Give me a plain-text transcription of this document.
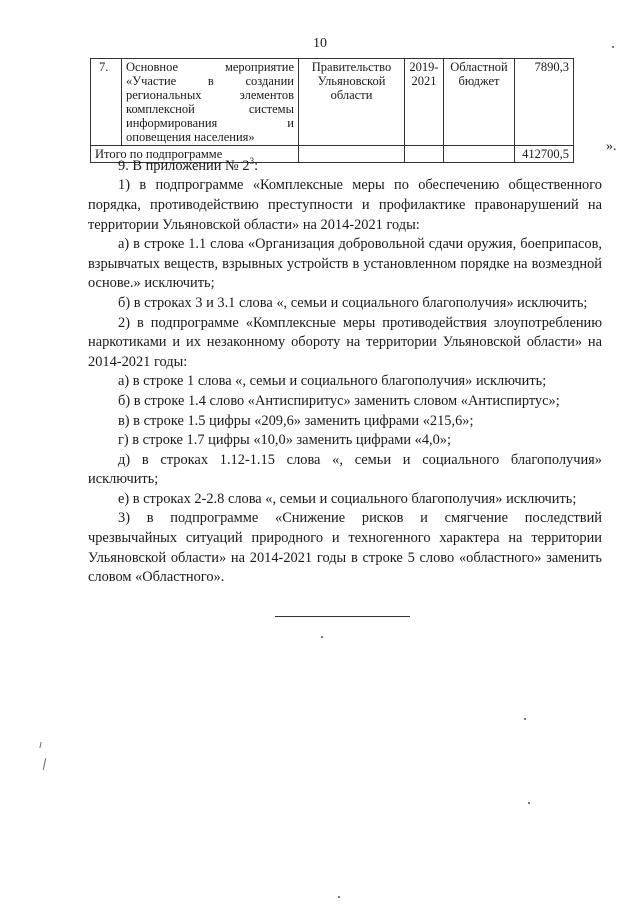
10
7.	Основное мероприятие «Участие в создании региональных элементов комплексной системы информирования и оповещения населения»	Правительство Ульяновской области	2019-2021	Областной бюджет	7890,3
Итого по подпрограмме					412700,5	».

9. В приложении № $2^3$:

1) в подпрограмме «Комплексные меры по обеспечению общественного порядка, противодействию преступности и профилактике правонарушений на территории Ульяновской области» на 2014-2021 годы:

а) в строке 1.1 слова «Организация добровольной сдачи оружия, боеприпасов, взрывчатых веществ, взрывных устройств в установленном порядке на возмездной основе.» исключить;

б) в строках 3 и 3.1 слова «, семьи и социального благополучия» исключить;

2) в подпрограмме «Комплексные меры противодействия злоупотреблению наркотиками и их незаконному обороту на территории Ульяновской области» на 2014-2021 годы:

а) в строке 1 слова «, семьи и социального благополучия» исключить;

б) в строке 1.4 слово «Антиспиритус» заменить словом «Антиспиртус»;

в) в строке 1.5 цифры «209,6» заменить цифрами «215,6»;

г) в строке 1.7 цифры «10,0» заменить цифрами «4,0»;

д) в строках 1.12-1.15 слова «, семьи и социального благополучия» исключить;

е) в строках 2-2.8 слова «, семьи и социального благополучия» исключить;

3) в подпрограмме «Снижение рисков и смягчение последствий чрезвычайных ситуаций природного и техногенного характера на территории Ульяновской области» на 2014-2021 годы в строке 5 слово «областного» заменить словом «Областного».
